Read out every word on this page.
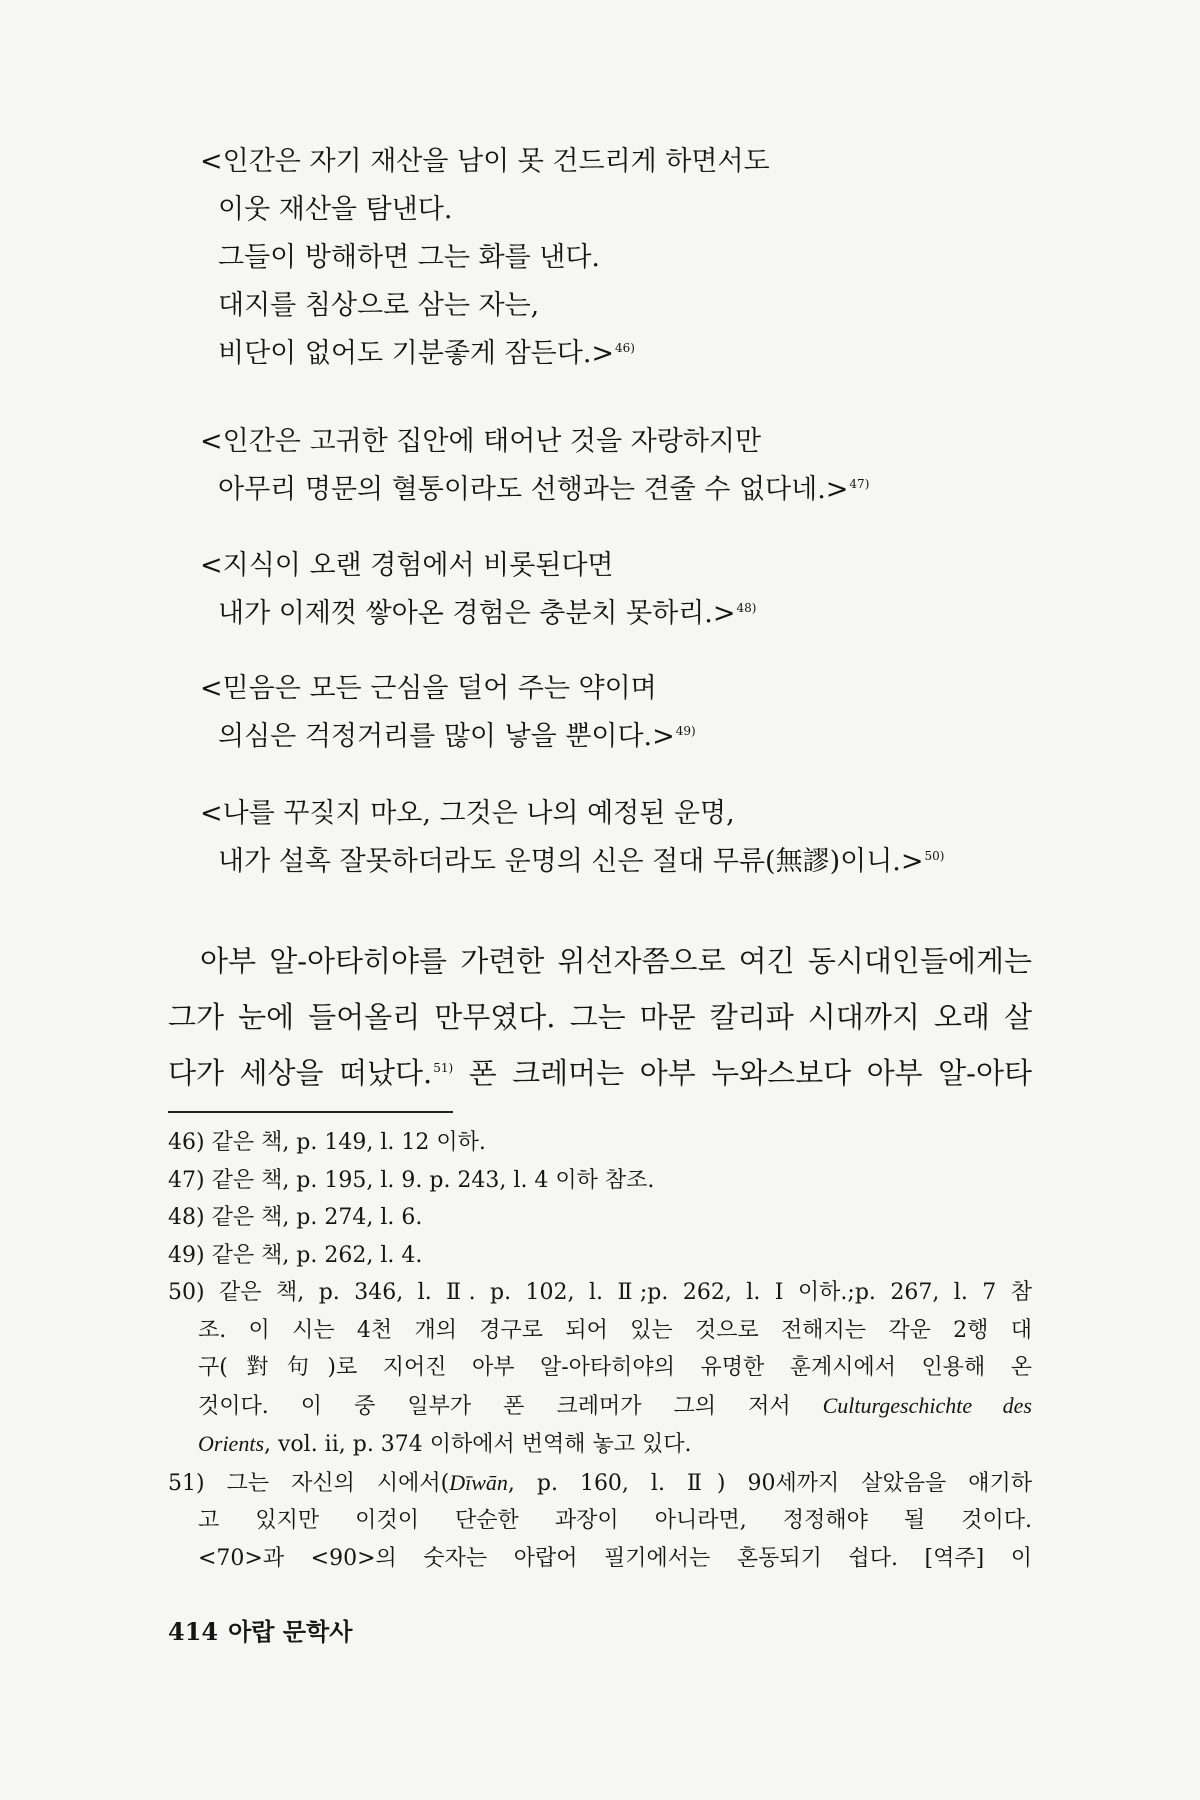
<인간은 자기 재산을 남이 못 건드리게 하면서도
이웃 재산을 탐낸다.
그들이 방해하면 그는 화를 낸다.
대지를 침상으로 삼는 자는,
비단이 없어도 기분좋게 잠든다.>$^{46)}$
<인간은 고귀한 집안에 태어난 것을 자랑하지만
아무리 명문의 혈통이라도 선행과는 견줄 수 없다네.>$^{47)}$
<지식이 오랜 경험에서 비롯된다면
내가 이제껏 쌓아온 경험은 충분치 못하리.>$^{48)}$
<믿음은 모든 근심을 덜어 주는 약이며
의심은 걱정거리를 많이 낳을 뿐이다.>$^{49)}$
<나를 꾸짖지 마오, 그것은 나의 예정된 운명,
내가 설혹 잘못하더라도 운명의 신은 절대 무류(無謬)이니.>$^{50)}$
아부 알-아타히야를 가련한 위선자쯤으로 여긴 동시대인들에게는
그가 눈에 들어올리 만무였다. 그는 마문 칼리파 시대까지 오래 살
다가 세상을 떠났다.$^{51)}$ 폰 크레머는 아부 누와스보다 아부 알-아타
46) 같은 책, p. 149, l. 12 이하.
47) 같은 책, p. 195, l. 9. p. 243, l. 4 이하 참조.
48) 같은 책, p. 274, l. 6.
49) 같은 책, p. 262, l. 4.
50) 같은 책, p. 346, l. Ⅱ. p. 102, l. Ⅱ;p. 262, l. I 이하.;p. 267, l. 7 참
조. 이 시는 4천 개의 경구로 되어 있는 것으로 전해지는 각운 2행 대
구(對句)로 지어진 아부 알-아타히야의 유명한 훈계시에서 인용해 온
것이다. 이 중 일부가 폰 크레머가 그의 저서 Culturgeschichte des
Orients, vol. ii, p. 374 이하에서 번역해 놓고 있다.
51) 그는 자신의 시에서(Dīwān, p. 160, l. Ⅱ) 90세까지 살았음을 얘기하
고 있지만 이것이 단순한 과장이 아니라면, 정정해야 될 것이다.
<70>과 <90>의 숫자는 아랍어 필기에서는 혼동되기 쉽다. [역주] 이
414 아랍 문학사
